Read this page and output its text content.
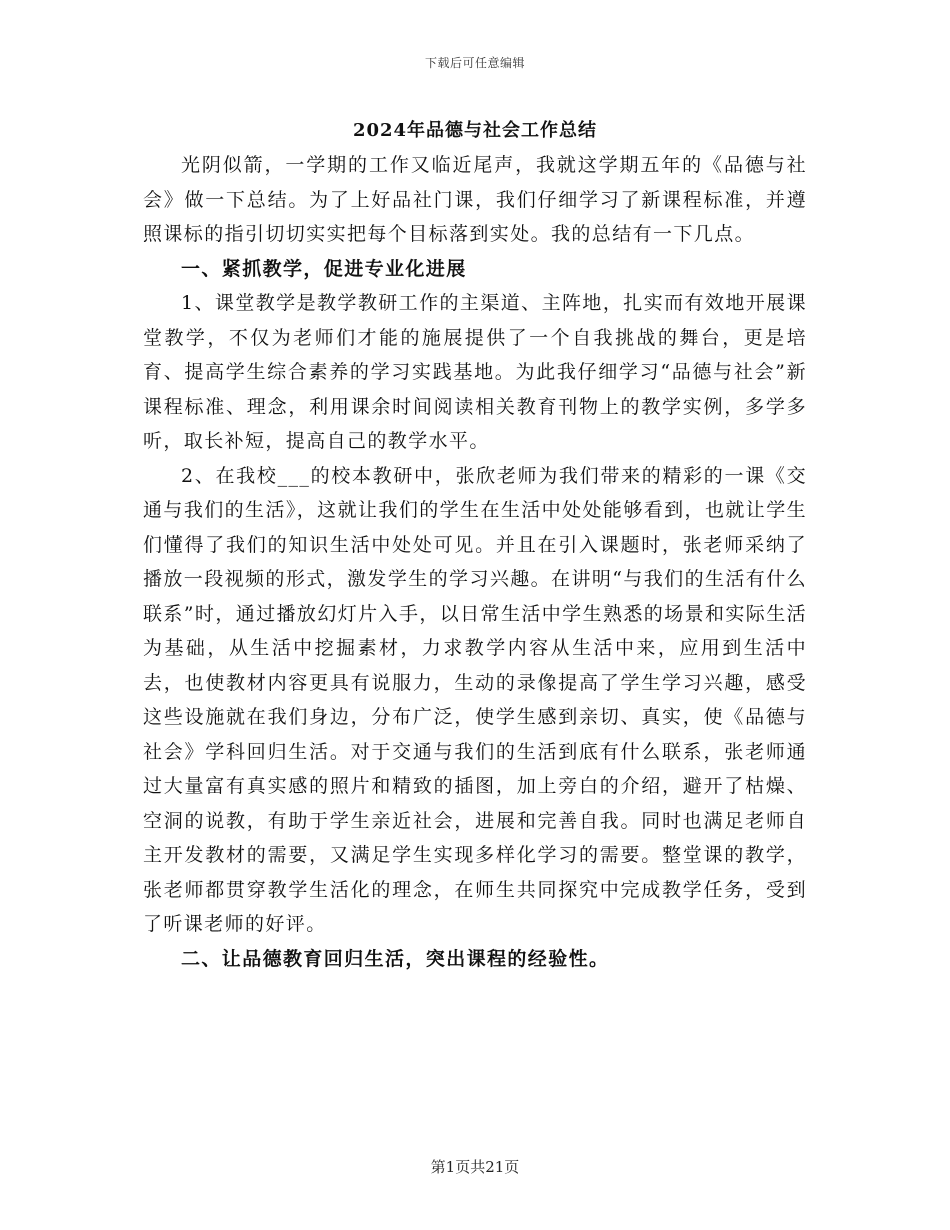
下载后可任意编辑
2024年品德与社会工作总结

光阴似箭，一学期的工作又临近尾声，我就这学期五年的《品德与社会》做一下总结。为了上好品社门课，我们仔细学习了新课程标准，并遵照课标的指引切切实实把每个目标落到实处。我的总结有一下几点。

一、紧抓教学，促进专业化进展

1、课堂教学是教学教研工作的主渠道、主阵地，扎实而有效地开展课堂教学，不仅为老师们才能的施展提供了一个自我挑战的舞台，更是培育、提高学生综合素养的学习实践基地。为此我仔细学习“品德与社会”新课程标准、理念，利用课余时间阅读相关教育刊物上的教学实例，多学多听，取长补短，提高自己的教学水平。

2、在我校___的校本教研中，张欣老师为我们带来的精彩的一课《交通与我们的生活》，这就让我们的学生在生活中处处能够看到，也就让学生们懂得了我们的知识生活中处处可见。并且在引入课题时，张老师采纳了播放一段视频的形式，激发学生的学习兴趣。在讲明“与我们的生活有什么联系”时，通过播放幻灯片入手，以日常生活中学生熟悉的场景和实际生活为基础，从生活中挖掘素材，力求教学内容从生活中来，应用到生活中去，也使教材内容更具有说服力，生动的录像提高了学生学习兴趣，感受这些设施就在我们身边，分布广泛，使学生感到亲切、真实，使《品德与社会》学科回归生活。对于交通与我们的生活到底有什么联系，张老师通过大量富有真实感的照片和精致的插图，加上旁白的介绍，避开了枯燥、空洞的说教，有助于学生亲近社会，进展和完善自我。同时也满足老师自主开发教材的需要，又满足学生实现多样化学习的需要。整堂课的教学，张老师都贯穿教学生活化的理念，在师生共同探究中完成教学任务，受到了听课老师的好评。

二、让品德教育回归生活，突出课程的经验性。

第1页共21页
